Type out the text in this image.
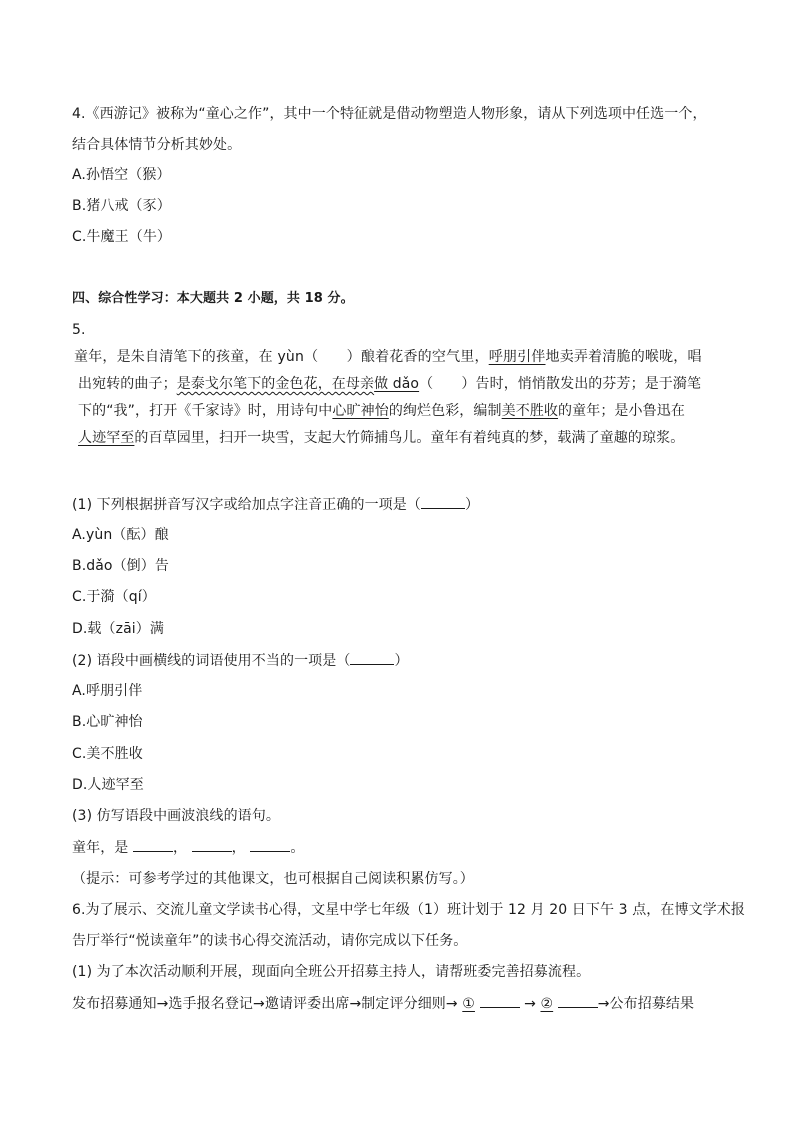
4.《西游记》被称为“童心之作”，其中一个特征就是借动物塑造人物形象，请从下列选项中任选一个，
结合具体情节分析其妙处。
A.孙悟空（猴）
B.猪八戒（豕）
C.牛魔王（牛）
四、综合性学习：本大题共 2 小题，共 18 分。
5.
童年，是朱自清笔下的孩童，在 yùn（　　）酿着花香的空气里，呼朋引伴地卖弄着清脆的喉咙，唱
出宛转的曲子；是泰戈尔笔下的金色花，在母亲做 dǎo（　　）告时，悄悄散发出的芬芳；是于漪笔
下的“我”，打开《千家诗》时，用诗句中心旷神怡的绚烂色彩，编制美不胜收的童年；是小鲁迅在
人迹罕至的百草园里，扫开一块雪，支起大竹筛捕鸟儿。童年有着纯真的梦，载满了童趣的琼浆。
(1) 下列根据拼音写汉字或给加点字注音正确的一项是（	）
A.yùn（酝）酿
B.dǎo（倒）告
C.于漪（qí）
D.载（zāi）满
(2) 语段中画横线的词语使用不当的一项是（	）
A.呼朋引伴
B.心旷神怡
C.美不胜收
D.人迹罕至
(3) 仿写语段中画波浪线的语句。
童年，是	，	，	。
（提示：可参考学过的其他课文，也可根据自己阅读积累仿写。）
6.为了展示、交流儿童文学读书心得，文星中学七年级（1）班计划于 12 月 20 日下午 3 点，在博文学术报
告厅举行“悦读童年”的读书心得交流活动，请你完成以下任务。
(1) 为了本次活动顺利开展，现面向全班公开招募主持人，请帮班委完善招募流程。
发布招募通知→选手报名登记→邀请评委出席→制定评分细则→ ①	→ ②	→公布招募结果
